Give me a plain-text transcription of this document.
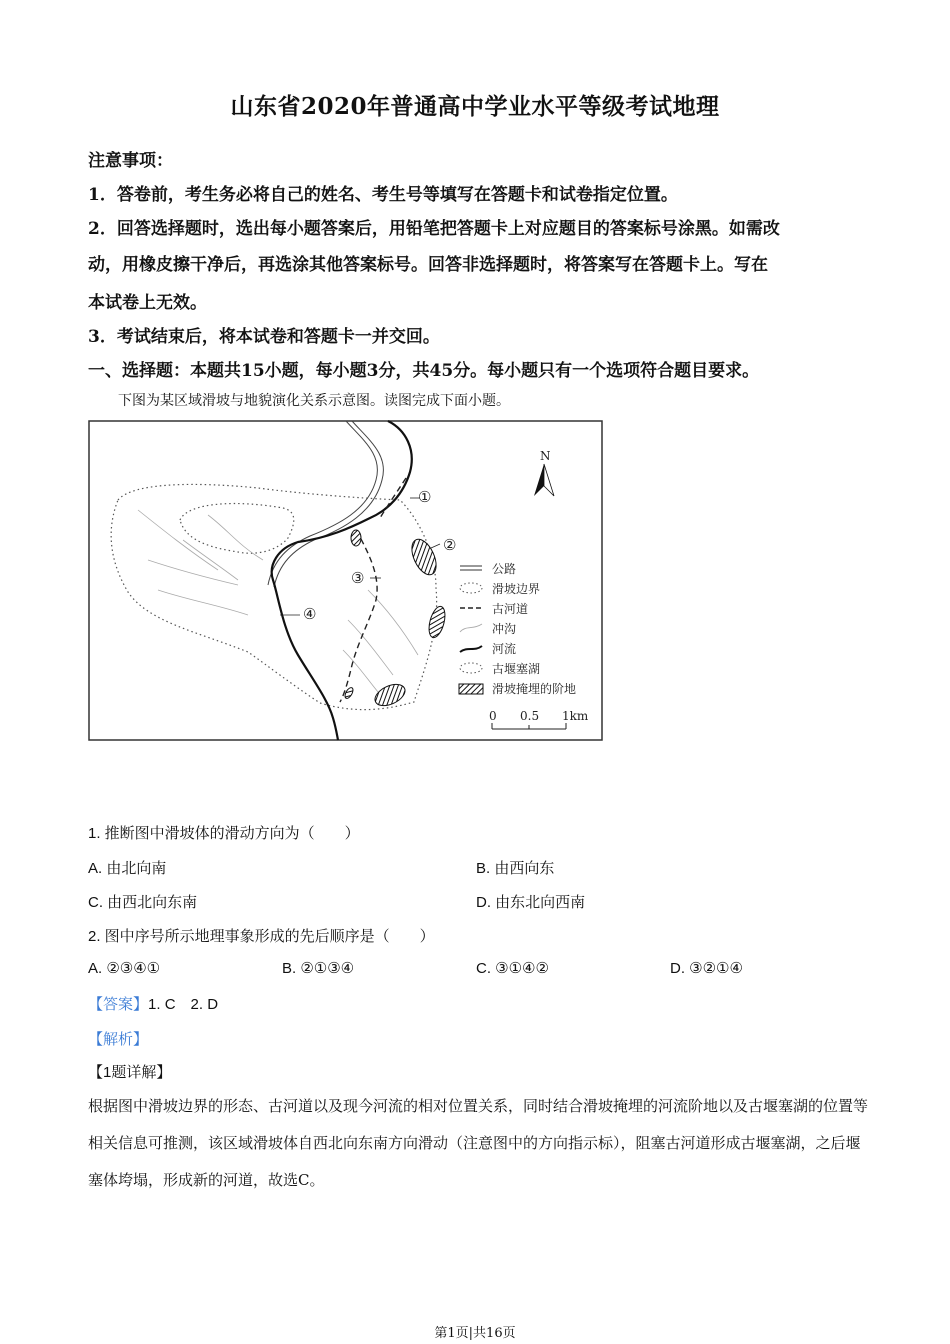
山东省2020年普通高中学业水平等级考试地理
注意事项：
1．答卷前，考生务必将自己的姓名、考生号等填写在答题卡和试卷指定位置。
2．回答选择题时，选出每小题答案后，用铅笔把答题卡上对应题目的答案标号涂黑。如需改
动，用橡皮擦干净后，再选涂其他答案标号。回答非选择题时，将答案写在答题卡上。写在
本试卷上无效。
3．考试结束后，将本试卷和答题卡一并交回。
一、选择题：本题共15小题，每小题3分，共45分。每小题只有一个选项符合题目要求。
下图为某区域滑坡与地貌演化关系示意图。读图完成下面小题。
①
②
③
④
N
公路
滑坡边界
古河道
冲沟
河流
古堰塞湖
滑坡掩埋的阶地
0 0.5 1km
1. 推断图中滑坡体的滑动方向为（　　）
A. 由北向南	B. 由西向东
C. 由西北向东南	D. 由东北向西南
2. 图中序号所示地理事象形成的先后顺序是（　　）
A. ②③④①	B. ②①③④	C. ③①④②	D. ③②①④
【答案】1. C　2. D
【解析】
【1题详解】
根据图中滑坡边界的形态、古河道以及现今河流的相对位置关系，同时结合滑坡掩埋的河流阶地以及古堰塞湖的位置等相关信息可推测，该区域滑坡体自西北向东南方向滑动（注意图中的方向指示标），阻塞古河道形成古堰塞湖，之后堰塞体垮塌，形成新的河道，故选C。
第1页|共16页
